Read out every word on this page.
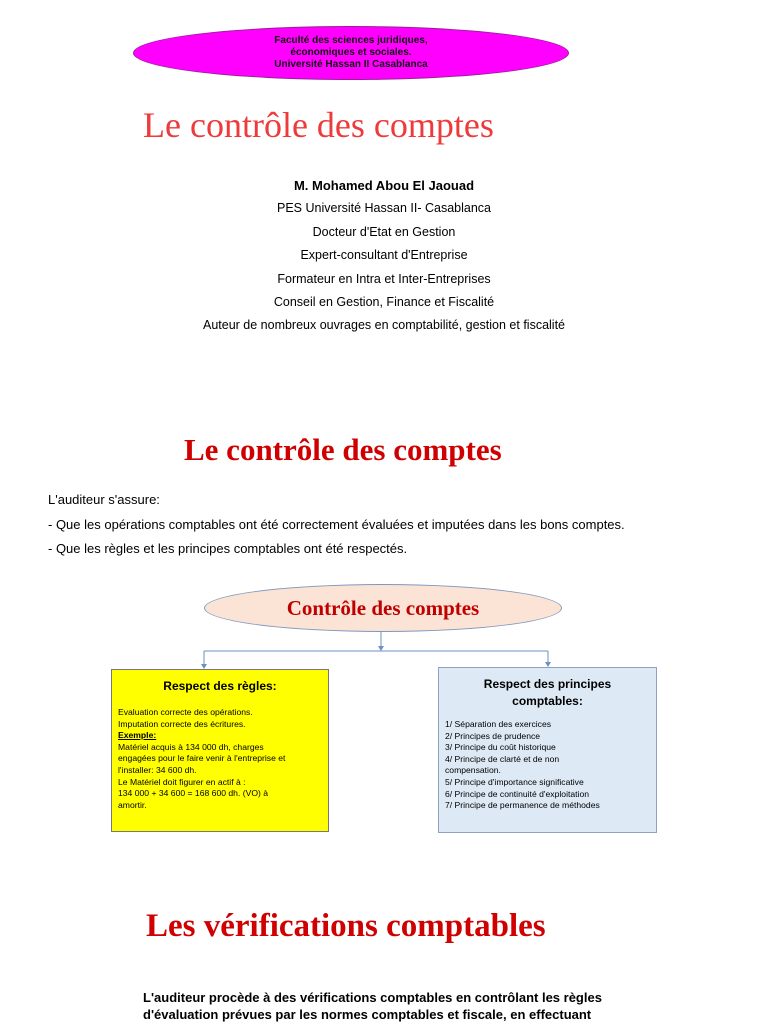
Faculté des sciences juridiques,
économiques et sociales.
Université Hassan II Casablanca
Le contrôle des comptes
M. Mohamed Abou El Jaouad
PES Université Hassan II- Casablanca
Docteur d'Etat en Gestion
Expert-consultant d'Entreprise
Formateur en Intra et Inter-Entreprises
Conseil en Gestion, Finance et Fiscalité
Auteur de nombreux ouvrages en comptabilité, gestion et fiscalité
Le contrôle des comptes
L'auditeur s'assure:
- Que les opérations comptables ont été correctement évaluées et imputées dans les bons comptes.
- Que les règles et les principes comptables ont été respectés.
Contrôle des comptes
Respect des règles:
Evaluation correcte des opérations.
Imputation correcte des écritures.
Exemple:
Matériel acquis à 134 000 dh, charges
engagées pour le faire venir à l'entreprise et
l'installer: 34 600 dh.
Le Matériel doit figurer en actif à :
134 000 + 34 600 = 168 600 dh. (VO) à
amortir.
Respect des principes
comptables:
1/ Séparation des exercices
2/ Principes de prudence
3/ Principe du coût historique
4/ Principe de clarté et de non
compensation.
5/ Principe d'importance significative
6/ Principe de continuité d'exploitation
7/ Principe de permanence de méthodes
Les vérifications comptables
L'auditeur procède à des vérifications comptables en contrôlant les règles
d'évaluation prévues par les normes comptables et fiscale, en effectuant
